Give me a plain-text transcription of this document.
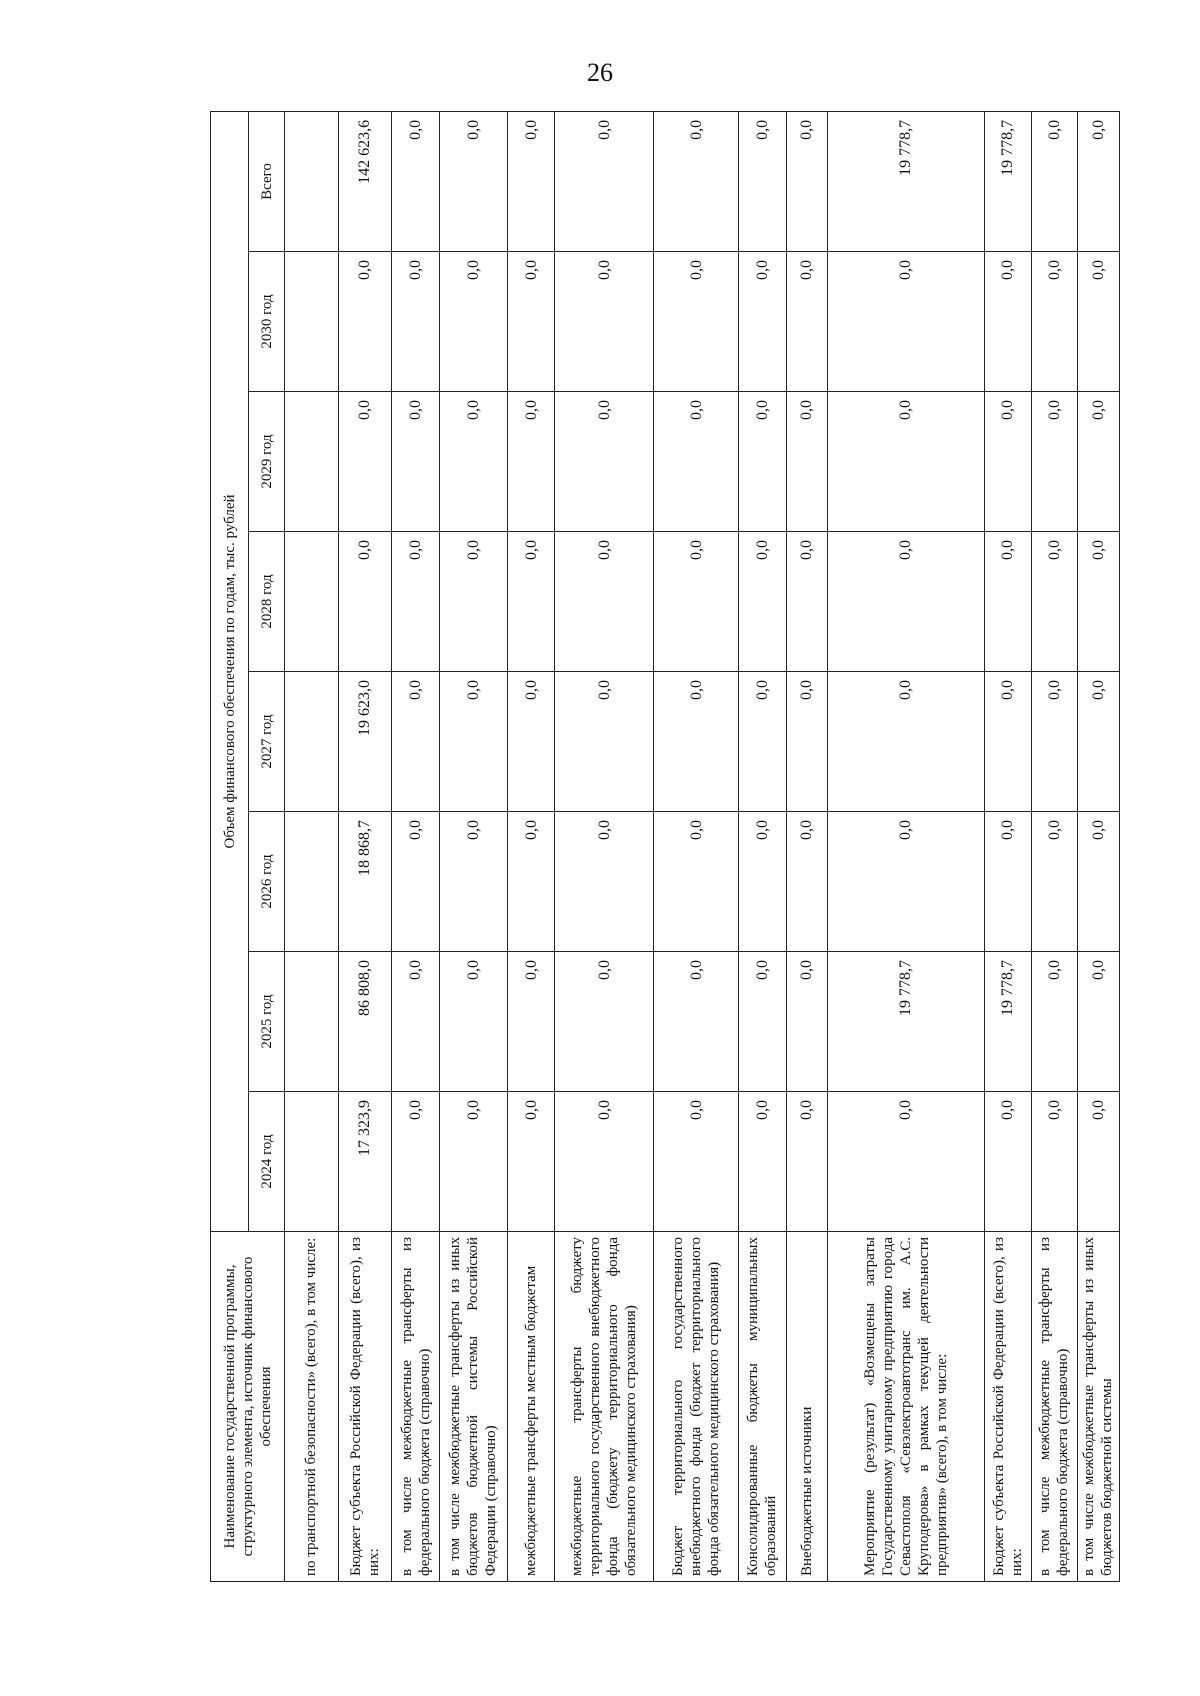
26
Наименование государственной программы, структурного элемента, источник финансового обеспечения	Объем финансового обеспечения по годам, тыс. рублей							
	2024 год	2025 год	2026 год	2027 год	2028 год	2029 год	2030 год	Всего
по транспортной безопасности» (всего), в том числе:								
Бюджет субъекта Российской Федерации (всего), из них:	17 323,9	86 808,0	18 868,7	19 623,0	0,0	0,0	0,0	142 623,6
в том числе межбюджетные трансферты из федерального бюджета (справочно)	0,0	0,0	0,0	0,0	0,0	0,0	0,0	0,0
в том числе межбюджетные трансферты из иных бюджетов бюджетной системы Российской Федерации (справочно)	0,0	0,0	0,0	0,0	0,0	0,0	0,0	0,0
межбюджетные трансферты местным бюджетам	0,0	0,0	0,0	0,0	0,0	0,0	0,0	0,0
межбюджетные трансферты бюджету территориального государственного внебюджетного фонда (бюджету территориального фонда обязательного медицинского страхования)	0,0	0,0	0,0	0,0	0,0	0,0	0,0	0,0
Бюджет территориального государственного внебюджетного фонда (бюджет территориального фонда обязательного медицинского страхования)	0,0	0,0	0,0	0,0	0,0	0,0	0,0	0,0
Консолидированные бюджеты муниципальных образований	0,0	0,0	0,0	0,0	0,0	0,0	0,0	0,0
Внебюджетные источники	0,0	0,0	0,0	0,0	0,0	0,0	0,0	0,0
Мероприятие (результат) «Возмещены затраты Государственному унитарному предприятию города Севастополя «Севэлектроавтотранс им. А.С. Круподерова» в рамках текущей деятельности предприятия» (всего), в том числе:	0,0	19 778,7	0,0	0,0	0,0	0,0	0,0	19 778,7
Бюджет субъекта Российской Федерации (всего), из них:	0,0	19 778,7	0,0	0,0	0,0	0,0	0,0	19 778,7
в том числе межбюджетные трансферты из федерального бюджета (справочно)	0,0	0,0	0,0	0,0	0,0	0,0	0,0	0,0
в том числе межбюджетные трансферты из иных бюджетов бюджетной системы	0,0	0,0	0,0	0,0	0,0	0,0	0,0	0,0
